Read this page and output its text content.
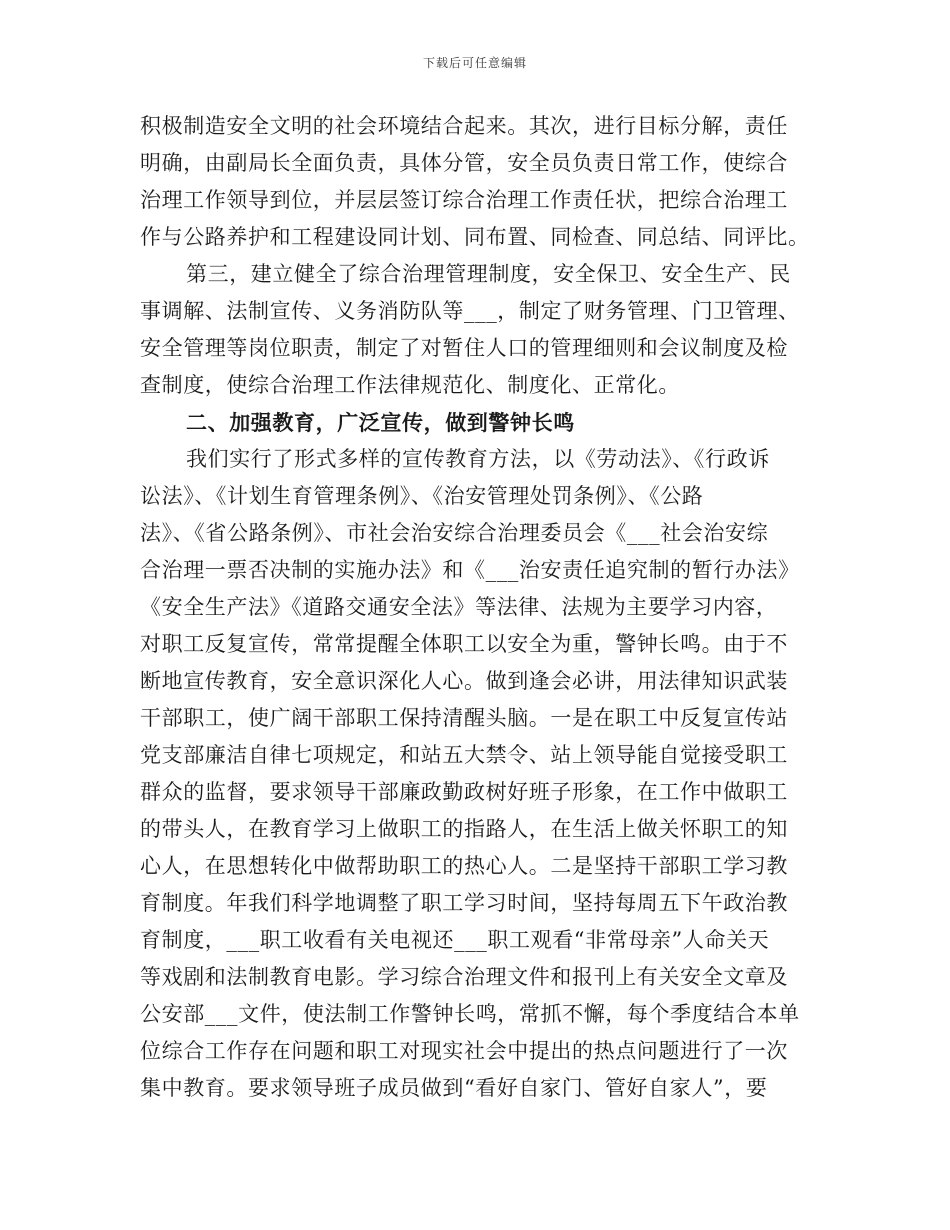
下载后可任意编辑
积极制造安全文明的社会环境结合起来。其次，进行目标分解，责任
明确，由副局长全面负责，具体分管，安全员负责日常工作，使综合
治理工作领导到位，并层层签订综合治理工作责任状，把综合治理工
作与公路养护和工程建设同计划、同布置、同检查、同总结、同评比。
第三，建立健全了综合治理管理制度，安全保卫、安全生产、民
事调解、法制宣传、义务消防队等___，制定了财务管理、门卫管理、
安全管理等岗位职责，制定了对暂住人口的管理细则和会议制度及检
查制度，使综合治理工作法律规范化、制度化、正常化。
二、加强教育，广泛宣传，做到警钟长鸣
我们实行了形式多样的宣传教育方法，以《劳动法》、《行政诉
讼法》、《计划生育管理条例》、《治安管理处罚条例》、《公路
法》、《省公路条例》、市社会治安综合治理委员会《___社会治安综
合治理一票否决制的实施办法》和《___治安责任追究制的暂行办法》
《安全生产法》《道路交通安全法》等法律、法规为主要学习内容，
对职工反复宣传，常常提醒全体职工以安全为重，警钟长鸣。由于不
断地宣传教育，安全意识深化人心。做到逢会必讲，用法律知识武装
干部职工，使广阔干部职工保持清醒头脑。一是在职工中反复宣传站
党支部廉洁自律七项规定，和站五大禁令、站上领导能自觉接受职工
群众的监督，要求领导干部廉政勤政树好班子形象，在工作中做职工
的带头人，在教育学习上做职工的指路人，在生活上做关怀职工的知
心人，在思想转化中做帮助职工的热心人。二是坚持干部职工学习教
育制度。年我们科学地调整了职工学习时间，坚持每周五下午政治教
育制度，___职工收看有关电视还___职工观看“非常母亲”人命关天
等戏剧和法制教育电影。学习综合治理文件和报刊上有关安全文章及
公安部___文件，使法制工作警钟长鸣，常抓不懈，每个季度结合本单
位综合工作存在问题和职工对现实社会中提出的热点问题进行了一次
集中教育。要求领导班子成员做到“看好自家门、管好自家人”，要
